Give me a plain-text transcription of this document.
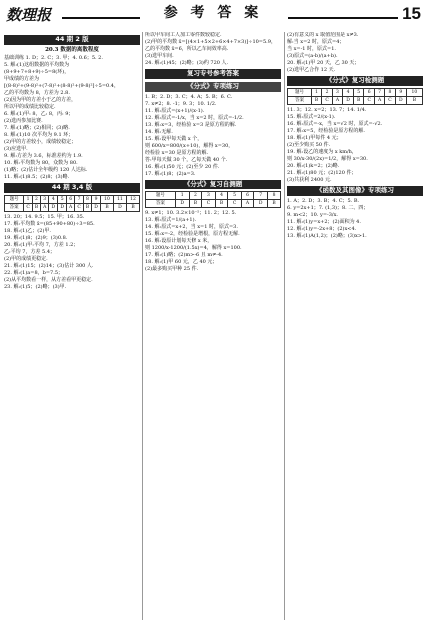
数理报	参 考 答 案	15
44 期 2 版
20.3 数据的离散程度
基础训练 1. D；2. C；3. 甲；4. 0.6；5. 2.
5. 解:(1)这组数据的平均数为
(8+9+7+8+9)÷5=8(环)，
甲成绩的方差为
[(8-8)²+(9-8)²+(7-8)²+(8-8)²+(9-8)²]÷5=0.4，
乙的平均数为 8，方差为 2.8.
(2)因为甲的方差小于乙的方差，
所以甲的成绩比较稳定.
6. 解:(1)甲: 8，乙: 8，丙: 9；
(2)选丙参加比赛.
7. 解:(1)略；(2)相同；(3)略.
8. 解:(1)10 次平均为 9.1 环；
(2)甲的方差较小，成绩较稳定；
(3)应选甲.
9. 解:方差为 3.6，标准差约为 1.9.
10. 解:平均数为 80，众数为 80.
(1)略；(2)估计全年级约 120 人达标.
11. 解:(1)8.5；(2)8；(3)略.
44 期 3,4 版
题号	1	2	3	4	5	6	7	8	9	10	11	12
答案	C	B	A	D	D	A	C	B	D	B	D	B
13. 20；14. 9.5；15. 甲；16. 35.
17. 解:平均数 x̄=(85+90+80)÷3=85.
18. 解:(1)乙；(2)甲.
19. 解:(1)8；(2)9；(3)0.8.
20. 解:(1)甲:平均 7，方差 1.2；
乙:平均 7，方差 5.4；
(2)甲的成绩更稳定.
21. 解:(1)15；(2)14；(3)估计 300 人.
22. 解:(1)a=8，b=7.5；
(2)从平均数看一样，从方差看甲更稳定.
23. 解:(1)5；(2)略；(3)甲.
所以甲车间工人加工零件数较稳定.
(2)甲的平均数 x̄=[(4×1+5×2+6×4+7×3)]÷10=5.9，
乙的平均数 x̄=6，所以乙车间效率高.
(3)选甲车间.
24. 解:(1)45；(2)略；(3)约 720 人.
复习专号参考答案
《分式》专项练习
1. B；2. D；3. C；4. A；5. B；6. C.
7. x≠2；8. -1；9. 3；10. 1/2.
11. 解:原式=(x+1)/(x-1).
12. 解:原式=-1/x，当 x=2 时，原式=-1/2.
13. 解:x=3，经检验 x=3 是原方程的解.
14. 解:无解.
15. 解:设甲每天做 x 个，
则 600/x=800/(x+10)，解得 x=30，
经检验 x=30 是原方程的解.
答:甲每天做 30 个，乙每天做 40 个.
16. 解:(1)50 元；(2)至少 20 件.
17. 解:(1)8；(2)a=3.
《分式》复习自测题
题号	1	2	3	4	5	6	7	8
答案	D	B	C	B	C	A	D	B
9. x≠1；10. 3.2×10⁻⁵；11. 2；12. 5.
13. 解:原式=1/(a+1).
14. 解:原式=x+2，当 x=1 时，原式=3.
15. 解:x=-2，经检验是增根，原方程无解.
16. 解:设原计划每天修 x 米，
则 1200/x-1200/(1.5x)=4，解得 x=100.
17. 解:(1)略；(2)m>-6 且 m≠-4.
18. 解:(1)甲 60 元，乙 40 元；
(2)最多购买甲种 25 件.
(2)有意义的 x 取值范围是 x≠3.
解:当 x=2 时，原式=4；
当 x=-1 时，原式=1.
(3)原式=(a-b)/(a+b).
20. 解:(1)甲 20 天，乙 30 天；
(2)选甲乙合作 12 天.
《分式》复习检测题
题号	1	2	3	4	5	6	7	8	9	10
答案	B	C	A	D	B	C	A	C	D	B
11. 3；12. x=2；13. 7；14. 1/4.
15. 解:原式=2/(x-1).
16. 解:原式=-x，当 x=√2 时，原式=-√2.
17. 解:x=5，经检验是原方程的解.
18. 解:(1)甲每件 4 元；
(2)至少购买 50 件.
19. 解:设乙的速度为 x km/h，
则 30/x-30/(2x)=1/2，解得 x=30.
20. 解:(1)k=2；(2)略.
21. 解:(1)80 元；(2)120 件；
(3)共获利 2400 元.
《函数及其图像》专项练习
1. A；2. D；3. B；4. C；5. B.
6. y=2x+1；7. (1,3)；8. 二、四；
9. m<2；10. y=-3/x.
11. 解:(1)y=x+2；(2)面积为 4.
12. 解:(1)y=-2x+8；(2)x<4.
13. 解:(1)A(1,2)；(2)略；(3)x>1.
